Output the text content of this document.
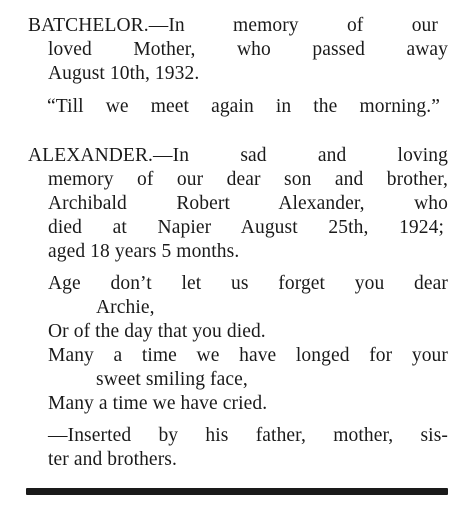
BATCHELOR.—In memory of our
loved Mother, who passed away
August 10th, 1932.
“Till we meet again in the morning.”
ALEXANDER.—In sad and loving
memory of our dear son and brother,
Archibald Robert Alexander, who
died at Napier August 25th, 1924;
aged 18 years 5 months.
Age don’t let us forget you dear
Archie,
Or of the day that you died.
Many a time we have longed for your
sweet smiling face,
Many a time we have cried.
—Inserted by his father, mother, sis-
ter and brothers.
